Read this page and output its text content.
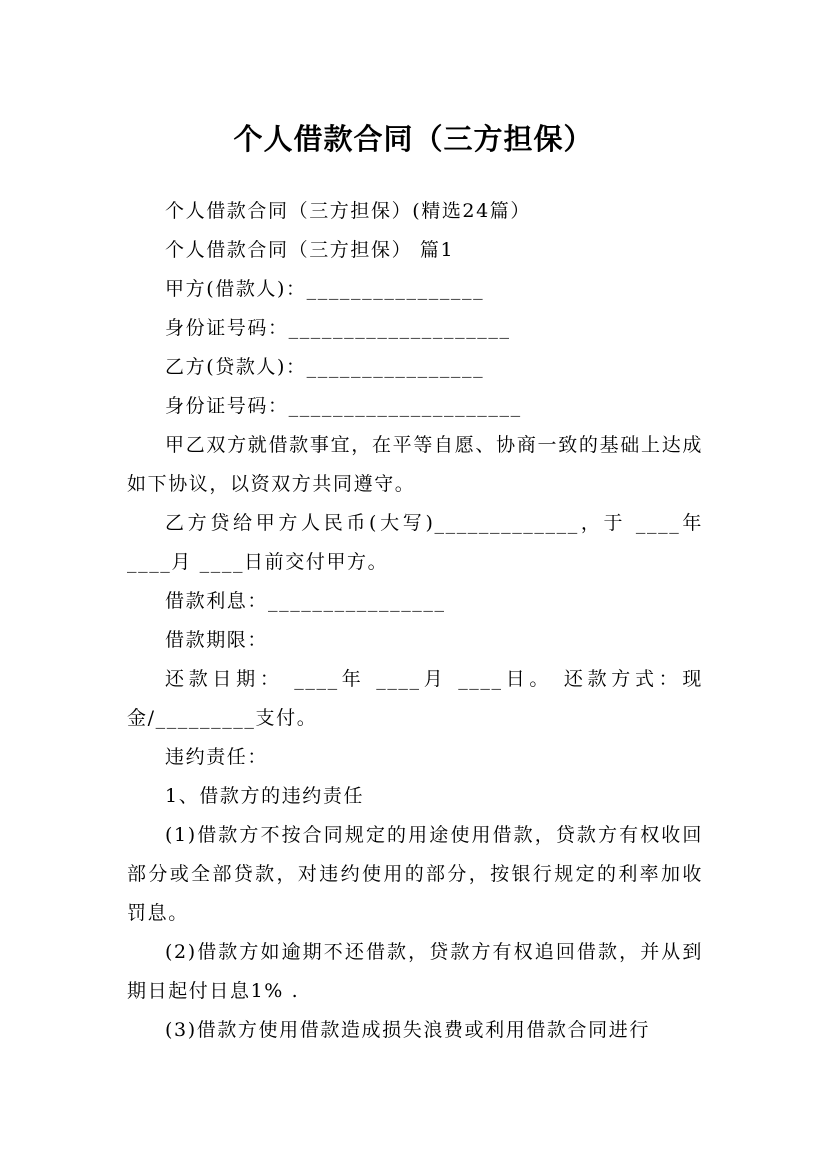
个人借款合同（三方担保）

个人借款合同（三方担保）(精选24篇）

个人借款合同（三方担保） 篇1

甲方(借款人)：________________

身份证号码：____________________

乙方(贷款人)：________________

身份证号码：_____________________

甲乙双方就借款事宜，在平等自愿、协商一致的基础上达成如下协议，以资双方共同遵守。

乙方贷给甲方人民币(大写)_____________，于 ____年 ____月 ____日前交付甲方。

借款利息：________________

借款期限：

还款日期： ____年 ____月 ____日。 还款方式：现金/_________支付。

违约责任：

1、借款方的违约责任

(1)借款方不按合同规定的用途使用借款，贷款方有权收回部分或全部贷款，对违约使用的部分，按银行规定的利率加收罚息。

(2)借款方如逾期不还借款，贷款方有权追回借款，并从到期日起付日息1% .

(3)借款方使用借款造成损失浪费或利用借款合同进行
